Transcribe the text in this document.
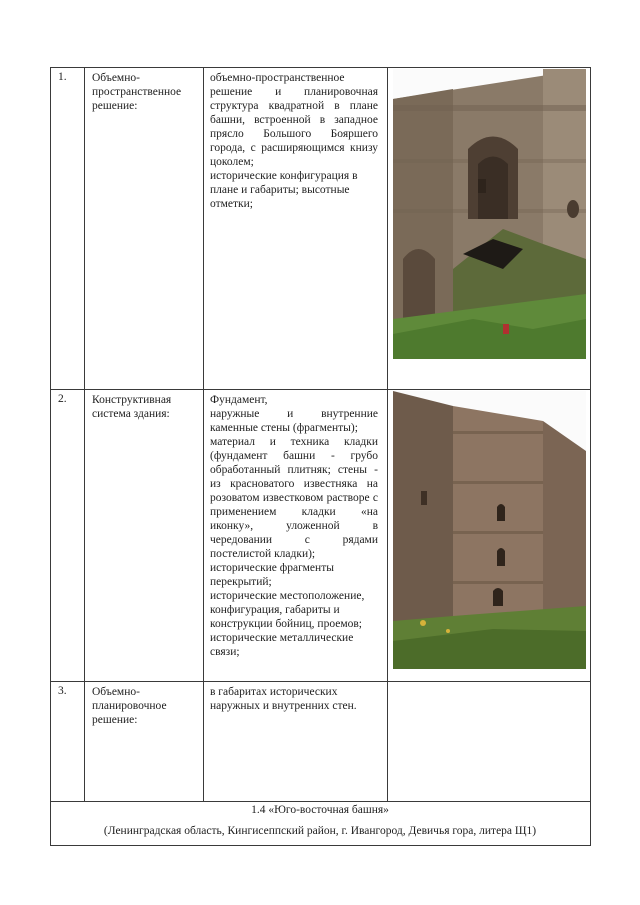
1. Объемно-пространственное решение:

объемно-пространственное решение и планировочная структура квадратной в плане башни, встроенной в западное прясло Большого Бояршего города, с расширяющимся книзу цоколем;

исторические конфигурация в плане и габариты; высотные отметки;

2. Конструктивная система здания:

Фундамент,

наружные и внутренние каменные стены (фрагменты);

материал и техника кладки (фундамент башни - грубо обработанный плитняк; стены - из красноватого известняка на розоватом известковом растворе с применением кладки «на иконку», уложенной в чередовании с рядами постелистой кладки);

исторические фрагменты перекрытий;

исторические местоположение, конфигурация, габариты и конструкции бойниц, проемов;

исторические металлические связи;

3. Объемно-планировочное решение:

в габаритах исторических наружных и внутренних стен.

1.4 «Юго-восточная башня»
(Ленинградская область, Кингисеппский район, г. Ивангород, Девичья гора, литера Щ1)
